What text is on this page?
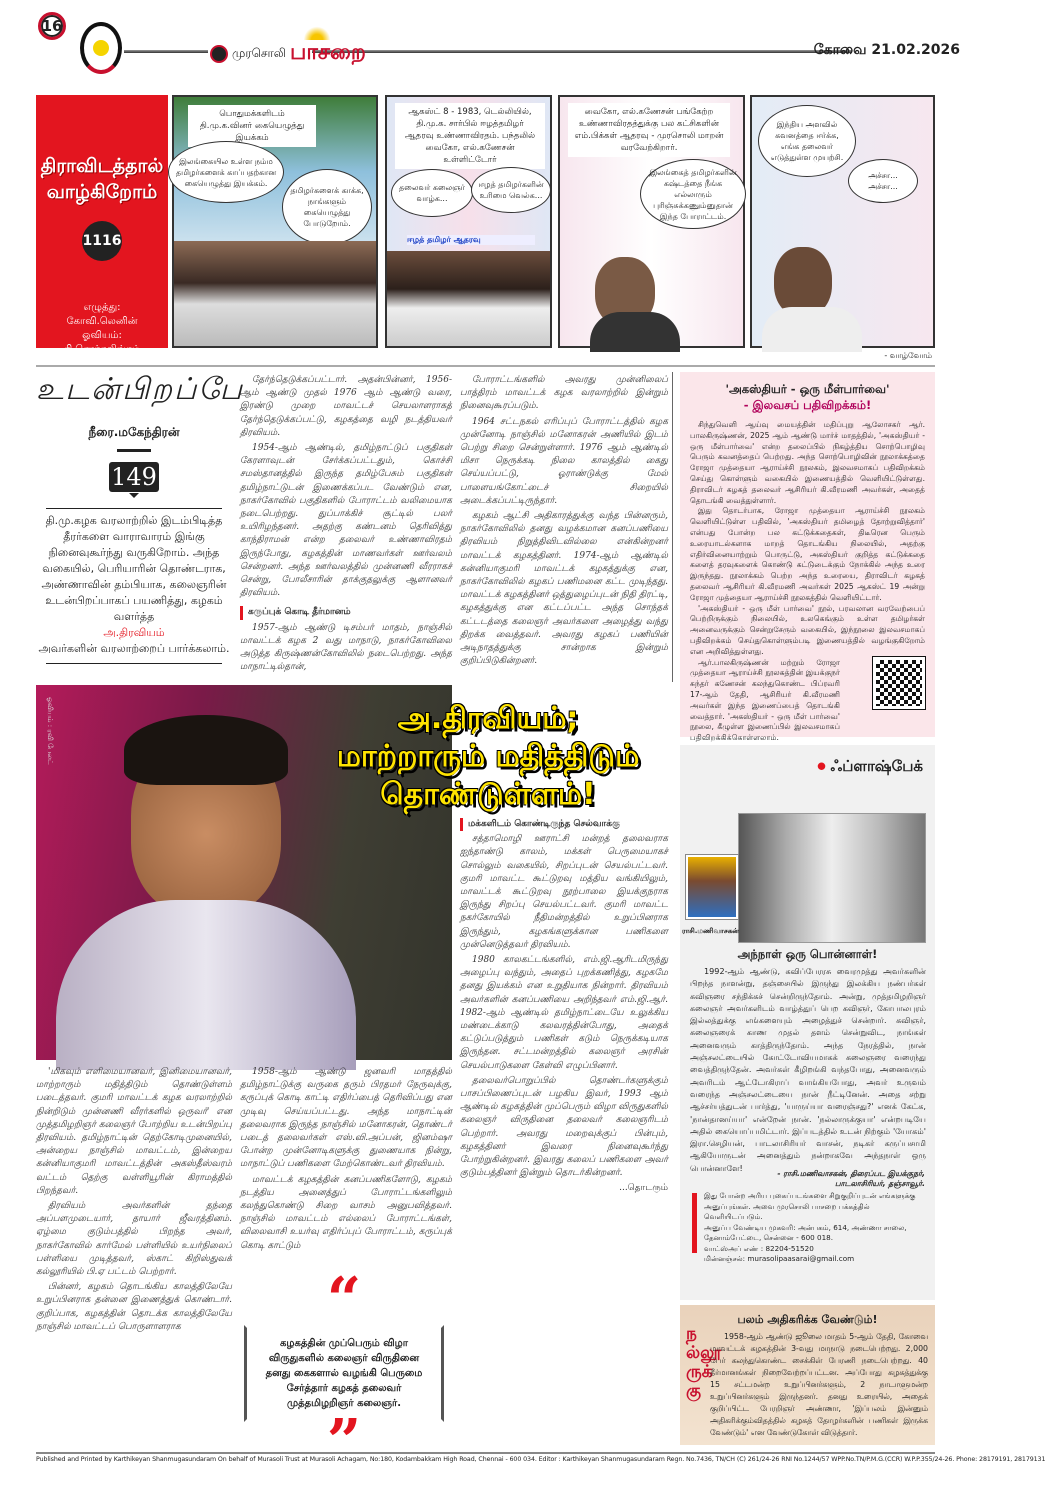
16
முரசொலி பாசறை	கோவை 21.02.2026
திராவிடத்தால் வாழ்கிறோம்
1116
எழுத்து:
கோவி.லெனின்
ஓவியம்:
கி.சொக்கலிங்கம்
பொதுமக்களிடம் தி.மு.க.வினர் கையெழுத்து இயக்கம்
இலங்கையில உள்ள நம்ம தமிழர்களைக் காப்பதற்கான கையெழுத்து இயக்கம்.
தமிழர்களைக் காக்க, நாங்களும் கையெழுத்து போடுறோம்.
ஆகஸ்ட் 8 - 1983, டெல்லியில், தி.மு.க. சார்பில் ஈழத்தமிழர் ஆதரவு உண்ணாவிரதம். பந்தலில் வைகோ, எல்.கணேசன் உள்ளிட்டோர்
தலைவர் கலைஞர் வாழ்க...
ஈழத் தமிழர்களின் உரிமை வெல்க...
ஈழத் தமிழர் ஆதரவு
வைகோ, எல்.கணேசன் பங்கேற்ற உண்ணாவிரதத்துக்கு பல கட்சிகளின் எம்.பிக்கள் ஆதரவு - முரசொலி மாறன் வரவேற்கிறார்.
இலங்கைத் தமிழர்களின் கஷ்டத்தை நீங்க எல்லாரும் புரிஞ்சுக்கணும்னுதான் இந்த போராட்டம்.
இந்திய அளவில் கவனத்தை ஈர்க்க, எங்க தலைவர் எடுத்துள்ள முயற்சி.
அச்சா... அச்சா...
- வாழ்வோம்
உடன்பிறப்பே
நீரை.மகேந்திரன்
149
தி.மு.கழக வரலாற்றில் இடம்பிடித்த தீரர்களை வாராவாரம் இங்கு நினைவுகூர்ந்து வருகிறோம். அந்த வகையில், பெரியாரின் தொண்டராக, அண்ணாவின் தம்பியாக, கலைஞரின் உடன்பிறப்பாகப் பயணித்து, கழகம் வளர்த்த
அ.திரவியம்
அவர்களின் வரலாற்றைப் பார்க்கலாம்.

தேர்ந்தெடுக்கப்பட்டார். அதன்பின்னர், 1956-ஆம் ஆண்டு முதல் 1976 ஆம் ஆண்டு வரை, இரண்டு முறை மாவட்டச் செயலாளராகத் தேர்ந்தெடுக்கப்பட்டு, கழகத்தை வழி நடத்தியவர் திரவியம்.

1954-ஆம் ஆண்டில், தமிழ்நாட்டுப் பகுதிகள் கேரளாவுடன் சேர்க்கப்பட்டதும், கொச்சி சமஸ்தானத்தில் இருந்த தமிழ்பேசும் பகுதிகள் தமிழ்நாட்டுடன் இணைக்கப்பட வேண்டும் என, நாகர்கோவில் பகுதிகளில் போராட்டம் வலிமையாக நடைபெற்றது. துப்பாக்கிச் சூட்டில் பலர் உயிரிழந்தனர். அதற்கு கண்டனம் தெரிவித்து காந்திராமன் என்ற தலைவர் உண்ணாவிரதம் இருந்போது, கழகத்தின் மாணவர்கள் ஊர்வலம் சென்றனர். அந்த ஊர்வலத்தில் முன்னணி வீரராகச் சென்று, போலீசாரின் தாக்குதலுக்கு ஆளானவர் திரவியம்.

கருப்புக் கொடி தீர்மானம்

1957-ஆம் ஆண்டு டிசம்பர் மாதம், நாஞ்சில் மாவட்டக் கழக 2 வது மாநாடு, நாகர்கோவிலை அடுத்த கிருஷ்ணன்கோவிலில் நடைபெற்றது. அந்த மாநாட்டில்தான்,

போராட்டங்களில் அவரது முன்னிலைப் பாத்திரம் மாவட்டக் கழக வரலாற்றில் இன்றும் நினைவுகூரப்படும்.

1964 சட்டநகல் எரிப்புப் போராட்டத்தில் கழக முன்னோடி நாஞ்சில் மனோகரன் அணியில் இடம் பெற்று சிறை சென்றுள்ளார். 1976 ஆம் ஆண்டில் மிசா நெருக்கடி நிலை காலத்தில் கைது செய்யப்பட்டு, ஓராண்டுக்கு மேல் பாளையங்கோட்டைச் சிறையில் அடைக்கப்பட்டிருந்தார்.

கழகம் ஆட்சி அதிகாரத்துக்கு வந்த பின்னரும், நாகர்கோவிலில் தனது வழக்கமான கனப்பணியை திரவியம் நிறுத்திவிடவில்லை என்கின்றனர் மாவட்டக் கழகத்தினர். 1974-ஆம் ஆண்டில் கன்னியாகுமரி மாவட்டக் கழகத்துக்கு என, நாகர்கோவிலில் கழகப் பணிமனை கட்ட முடிந்தது. மாவட்டக் கழகத்தினர் ஒத்துழைப்புடன் நிதி திரட்டி, கழகத்துக்கு என கட்டப்பட்ட அந்த சொந்தக் கட்டடத்தை கலைஞர் அவர்களை அழைத்து வந்து திறக்க வைத்தவர். அவரது கழகப் பணியின் அடிநாதத்துக்கு சான்றாக இன்றும் குறிப்பிடுகின்றனர்.

'அகஸ்தியர் - ஒரு மீள்பார்வை'
- இலவசப் பதிவிறக்கம்!

சிந்துவெளி ஆய்வு மையத்தின் மதிப்புறு ஆலோசகர் ஆர். பாலகிருஷ்ணன், 2025 ஆம் ஆண்டு மார்ச் மாதத்தில், 'அகஸ்தியர் - ஒரு மீள்பார்வை' என்ற தலைப்பில் நிகழ்த்திய சொற்பொழிவு பெரும் கவனத்தைப் பெற்றது. அந்த சொற்பொழிவின் நூலாக்கத்தை ரோஜா முத்தையா ஆராய்ச்சி நூலகம், இலவசமாகப் பதிவிறக்கம் செய்து கொள்ளும் வகையில் இணையத்தில் வெளியிட்டுள்ளது. திராவிடர் கழகத் தலைவர் ஆசிரியர் கி.வீரமணி அவர்கள், அதைத் தொடங்கி வைத்துள்ளார்.

இது தொடர்பாக, ரோஜா முத்தையா ஆராய்ச்சி நூலகம் வெளியிட்டுள்ள பதிவில், 'அகஸ்தியர் தமிழைத் தோற்றுவித்தார்' என்பது போன்ற பல கட்டுக்கதைகள், திடீரென பெரும் உரையாடல்களாக மாறத் தொடங்கிய நிலையில், அதற்கு எதிர்வினையாற்றும் பொருட்டு, அகஸ்தியர் குறித்த கட்டுக்கதை களைத் தரவுகளைக் கொண்டு கட்டுடைக்கும் நோக்கில் அந்த உரை இருந்தது. நூலாக்கம் பெற்ற அந்த உரையை, திராவிடர் கழகத் தலைவர் ஆசிரியர் கி.வீரமணி அவர்கள் 2025 ஆகஸ்ட் 19 அன்று ரோஜா முத்தையா ஆராய்ச்சி நூலகத்தில் வெளியிட்டார்.

'அகஸ்தியர் - ஒரு மீள் பார்வை' நூல், பரவலான வரவேற்பைப் பெற்றிருக்கும் நிலையில், உலகெங்கும் உள்ள தமிழர்கள் அனைவருக்கும் சென்றுசேரும் வகையில், இந்நூலை இலவசமாகப் பதிவிறக்கம் செய்துகொள்ளும்படி இணையத்தில் வழங்குகிறோம் என அறிவித்துள்ளது.

ஆர்.பாலகிருஷ்ணன் மற்றும் ரோஜா முத்தையா ஆராய்ச்சி நூலகத்தின் இயக்குநர் சுந்தர் கணேசன் கலந்துகொண்ட பிப்ரவரி 17-ஆம் தேதி, ஆசிரியர் கி.வீரமணி அவர்கள் இந்த இணைப்பைத் தொடங்கி வைத்தார். 'அகஸ்தியர் - ஒரு மீள் பார்வை' நூலை, கீழுள்ள இணைப்பில் இலவசமாகப் பதிவிறக்கிக்கொள்ளலாம்.

ஓவியம் : ரவி பேலட்	அ.திரவியம்;
மாற்றாரும் மதித்திடும்
தொண்டுள்ளம்!

மக்களிடம் கொண்டிருந்த செல்வாக்கு

சத்தாமொழி ஊராட்சி மன்றத் தலைவராக ஐந்தாண்டு காலம், மக்கள் பெருமையாகச் சொல்லும் வகையில், சிறப்புடன் செயல்பட்டவர். குமரி மாவட்ட கூட்டுறவு மத்திய வங்கியிலும், மாவட்டக் கூட்டுறவு நூற்பாலை இயக்குநராக இருந்து சிறப்பு செயல்பட்டவர். குமரி மாவட்ட நகர்கோயில் நீதிமன்றத்தில் உறுப்பினராக இருந்தும், கழகங்களுக்கான பணிகளை முன்னெடுத்தவர் திரவியம்.

1980 காலகட்டங்களில், எம்.ஜி.ஆரிடமிருந்து அழைப்பு வந்தும், அதைப் புறக்கணித்து, கழகமே தனது இயக்கம் என உறுதியாக நின்றார். திரவியம் அவர்களின் கனப்பணியை அறிந்தவர் எம்.ஜி.ஆர். 1982-ஆம் ஆண்டில் தமிழ்நாட்டையே உலுக்கிய மண்டைக்காடு கலவரத்தின்போது, அதைக் கட்டுப்படுத்தும் பணிகள் கடும் நெருக்கடியாக இருந்தன. சட்டமன்றத்தில் கலைஞர் அரசின் செயல்பாடுகளை கேள்வி எழுப்பினார்.

தலைவர்பொறுப்பில் தொண்டர்களுக்கும் பாசப்பிணைப்புடன் பழகிய இவர், 1993 ஆம் ஆண்டில் கழகத்தின் முப்பெரும் விழா விருதுகளில் கலைஞர் விருதினை தலைவர் கலைஞரிடம் பெற்றார். அவரது மறைவுக்குப் பின்பும், கழகத்தினர் இவரை நினைவுகூர்ந்து போற்றுகின்றனர். இவரது கலைப் பணிகளை அவர் குடும்பத்தினர் இன்றும் தொடர்கின்றனர்.

...தொடரும்

'மிகவும் எளிமையானவர், இனிமையானவர், மாற்றாரும் மதித்திடும் தொண்டுள்ளம் படைத்தவர். குமரி மாவட்டக் கழக வரலாற்றில் நின்றிடும் முன்னணி வீரர்களில் ஒருவர்' என முத்தமிழறிஞர் கலைஞர் போற்றிய உடன்பிறப்பு திரவியம். தமிழ்நாட்டின் தெற்கோடிமுனையில், அன்றைய நாஞ்சில் மாவட்டம், இன்றைய கன்னியாகுமரி மாவட்டத்தின் அகஸ்தீஸ்வரம் வட்டம் தெற்கு வள்ளியூரின் கிராமத்தில் பிறந்தவர்.

திரவியம் அவர்களின் தந்தை அப்பளமுடையார், தாயார் ஜீவரத்தினம். ஏழ்மை குடும்பத்தில் பிறந்த அவர், நாகர்கோவில் கார்மேல் பள்ளியில் உயர்நிலைப் பள்ளியை முடித்தவர், ஸ்காட் கிறிஸ்துவக் கல்லூரியில் பி.ஏ பட்டம் பெற்றார்.

பின்னர், கழகம் தொடங்கிய காலத்திலேயே உறுப்பினராக தன்னை இணைத்துக் கொண்டார். குறிப்பாக, கழகத்தின் தொடக்க காலத்திலேயே நாஞ்சில் மாவட்டப் பொருளாளராக

1958-ஆம் ஆண்டு ஜனவரி மாதத்தில் தமிழ்நாட்டுக்கு வருகை தரும் பிரதமர் நேருவுக்கு, கருப்புக் கொடி காட்டி எதிர்ப்பைத் தெரிவிப்பது என முடிவு செய்யப்பட்டது. அந்த மாநாட்டின் தலைவராக இருந்த நாஞ்சில் மனோகரன், தொண்டர் படைத் தலைவர்கள் எஸ்.வி.அப்பன், ஜினம்ஷா போன்ற முன்னோடிகளுக்கு துணையாக நின்று, மாநாட்டுப் பணிகளை மேற்கொண்டவர் திரவியம்.

மாவட்டக் கழகத்தின் கனப்பணிகளோடு, கழகம் நடத்திய அனைத்துப் போராட்டங்களிலும் கலந்துகொண்டு சிறை வாசம் அனுபவித்தவர். நாஞ்சில் மாவட்டம் எல்லைப் போராட்டங்கள், விலைவாசி உயர்வு எதிர்ப்புப் போராட்டம், கருப்புக் கொடி காட்டும்

“
கழகத்தின் முப்பெரும் விழா விருதுகளில் கலைஞர் விருதினை தனது கைகளால் வழங்கி பெருமை சேர்த்தார் கழகத் தலைவர் முத்தமிழறிஞர் கலைஞர்.
”
⏺ ஃப்ளாஷ்பேக்
ராசி.மணிவாசகன்
அந்நாள் ஒரு பொன்னாள்!
1992-ஆம் ஆண்டு, கவிப்பேரரசு வைரமுத்து அவர்களின் பிறந்த நாளன்று, தஞ்சையில் இருந்து இலக்கிய நண்பர்கள் கவிஞரை சந்திக்கச் சென்றிருந்தோம். அன்று, முத்தமிழறிஞர் கலைஞர் அவர்களிடம் வாழ்த்துப் பெற கவிஞர், கோபாலபுரம் இல்லத்துக்கு எங்களையும் அழைத்துச் சென்றார். கவிஞர், கலைஞரைக் காண முதல் தளம் சென்றுவிட, நாங்கள் அனைவரும் காத்திருந்தோம். அந்த நேரத்தில், நான் அஞ்சலட்டையில் கோட்டோவியமாகக் கலைஞரை வரைந்து வைத்திருந்தேன். அவர்கள் கீழிறங்கி வந்தபோது, அனைவரும் அவரிடம் ஆட்டோகிராப் வாங்கியபோது, அவர் உருவம் வரைந்த அஞ்சலட்டையை நான் நீட்டினேன். அதை சற்று ஆச்சர்யத்துடன் பார்த்து, 'யாருய்யா வரைஞ்சது?' எனக் கேட்க, 'நான்தானய்யா' என்றேன் நான். 'நல்லாருக்குயா' என்றபடியே அதில் கையொப்பமிட்டார். இப்படத்தில் உடன் நிற்கும் 'யோகம்' இரா.செழியன், பாடலாசிரியர் வாசன், நடிகர் கருப்பசாமி ஆகியோருடன் அனைத்தும் நன்றாகவே அந்தநாள் ஒரு பொன்னாளே!
- ராசி.மணிவாசகன், திரைப்பட இயக்குநர், பாடலாசிரியர், தஞ்சாவூர்.
இது போன்ற அரிய புகைப்படங்களை சிறுகுறிப்புடன் எங்களுக்கு அனுப்புங்கள். அவை முரசொலி பாசறை பக்கத்தில் வெளியிடப்படும்.
அனுப்ப வேண்டிய முகவரி: அன்பகம், 614, அண்ணா சாலை, தேனாம்பேட்டை, சென்னை - 600 018.
வாட்ஸ்அப் எண் : 82204-51520
மின்னஞ்சல்: murasolipaasarai@gmail.com
நல்லூருக்கு
பலம் அதிகரிக்க வேண்டும்!
1958-ஆம் ஆண்டு ஜூலை மாதம் 5-ஆம் தேதி, கோவை மாவட்டக் கழகத்தின் 3-வது மாநாடு நடைபெற்றது. 2,000 பேர் கலந்துகொண்ட சைக்கிள் பேரணி நடைபெற்றது. 40 தீர்மானங்கள் நிறைவேற்றப்பட்டன. அப்போது கழகத்துக்கு 15 சட்டமன்ற உறுப்பினர்களும், 2 நாடாளுமன்ற உறுப்பினர்களும் இருந்தனர். தனது உரையில், அதைக் குறிப்பிட்ட பேரறிஞர் அண்ணா, 'இப்பலம் இன்னும் அதிகரிக்கும்விதத்தில் கழகத் தோழர்களின் பணிகள் இருக்க வேண்டும்' என வேண்டுகோள் விடுத்தார்.
Published and Printed by Karthikeyan Shanmugasundaram On behalf of Murasoli Trust at Murasoli Achagam, No:180, Kodambakkam High Road, Chennai - 600 034. Editor : Karthikeyan Shanmugasundaram Regn. No.7436, TN/CH (C) 261/24-26 RNI No.1244/57 WPP.No.TN/P.M.G.(CCR) W.P.P.355/24-26. Phone: 28179191, 28179131
